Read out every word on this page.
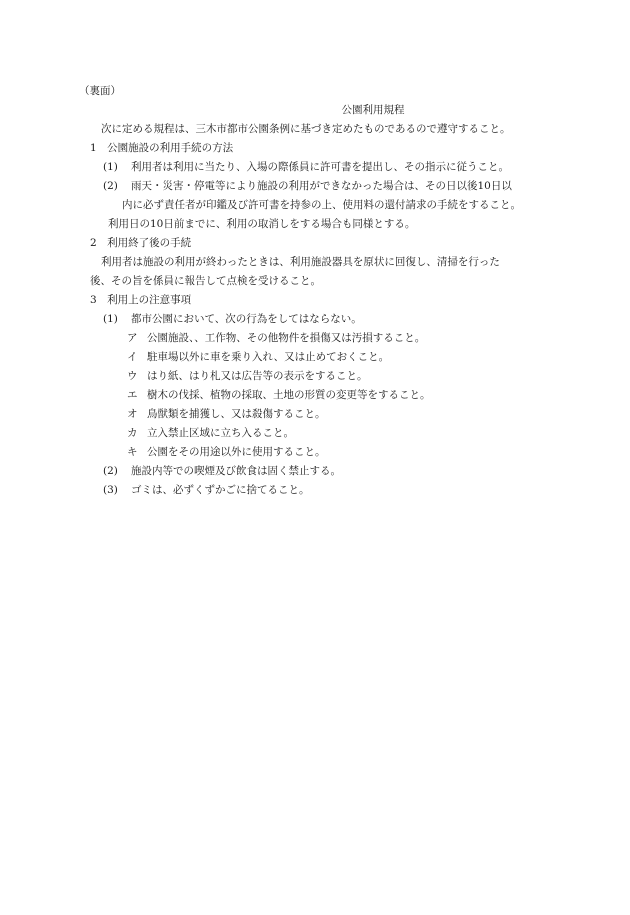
（裏面）
公園利用規程
次に定める規程は、三木市都市公園条例に基づき定めたものであるので遵守すること。
1　公園施設の利用手続の方法
(1) 利用者は利用に当たり、入場の際係員に許可書を提出し、その指示に従うこと。
(2) 雨天・災害・停電等により施設の利用ができなかった場合は、その日以後10日以
内に必ず責任者が印鑑及び許可書を持参の上、使用料の還付請求の手続をすること。
利用日の10日前までに、利用の取消しをする場合も同様とする。
2　利用終了後の手続
利用者は施設の利用が終わったときは、利用施設器具を原状に回復し、清掃を行った
後、その旨を係員に報告して点検を受けること。
3　利用上の注意事項
(1) 都市公園において、次の行為をしてはならない。
ア 公園施設、、工作物、その他物件を損傷又は汚損すること。
イ 駐車場以外に車を乗り入れ、又は止めておくこと。
ウ はり紙、はり札又は広告等の表示をすること。
エ 樹木の伐採、植物の採取、土地の形質の変更等をすること。
オ 鳥獣類を捕獲し、又は殺傷すること。
カ 立入禁止区域に立ち入ること。
キ 公園をその用途以外に使用すること。
(2) 施設内等での喫煙及び飲食は固く禁止する。
(3) ゴミは、必ずくずかごに捨てること。
